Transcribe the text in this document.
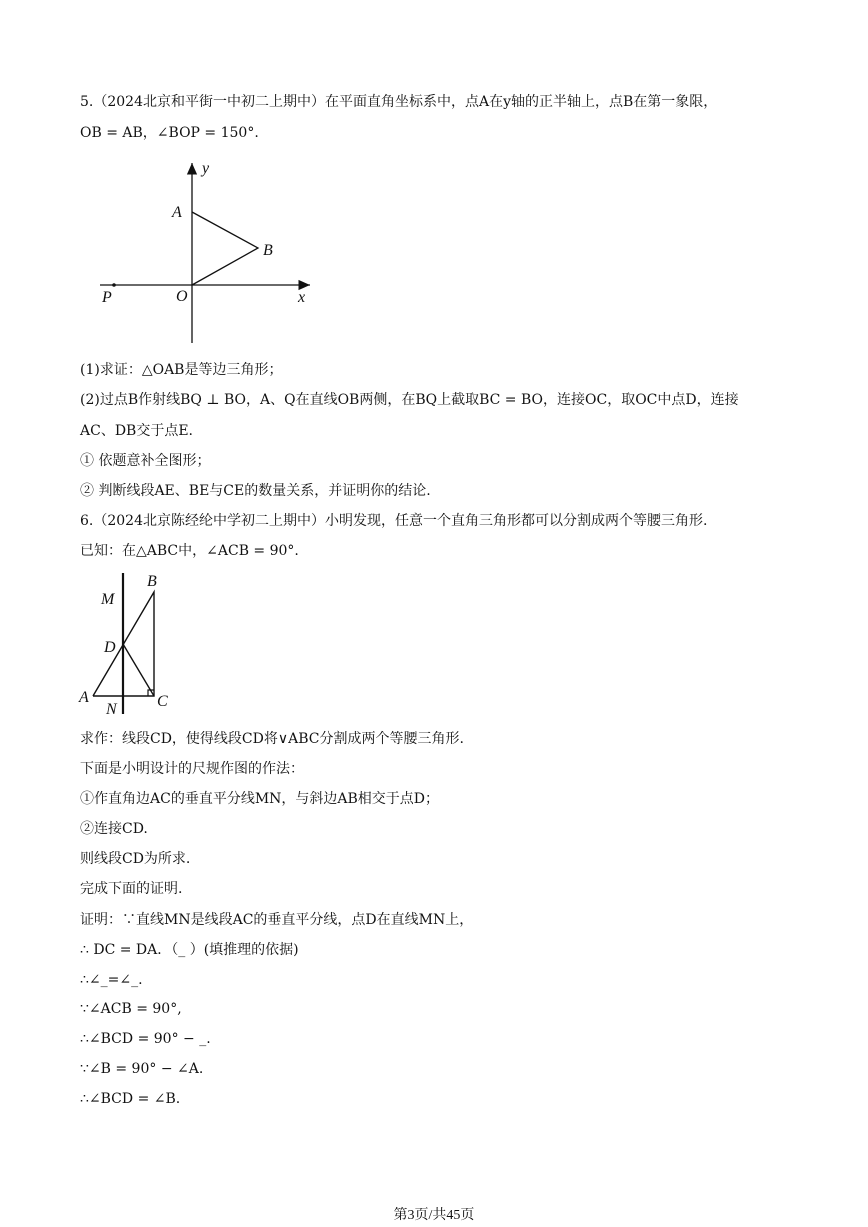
5.（2024北京和平街一中初二上期中）在平面直角坐标系中，点A在y轴的正半轴上，点B在第一象限，
OB = AB，∠BOP = 150°.
y
A
B
O
P	x
(1)求证：△OAB是等边三角形；
(2)过点B作射线BQ ⊥ BO，A、Q在直线OB两侧，在BQ上截取BC = BO，连接OC，取OC中点D，连接
AC、DB交于点E.
① 依题意补全图形；
② 判断线段AE、BE与CE的数量关系，并证明你的结论.
6.（2024北京陈经纶中学初二上期中）小明发现，任意一个直角三角形都可以分割成两个等腰三角形.
已知：在△ABC中，∠ACB = 90°.
B
M
D
A
N	C
求作：线段CD，使得线段CD将∨ABC分割成两个等腰三角形.
下面是小明设计的尺规作图的作法：
①作直角边AC的垂直平分线MN，与斜边AB相交于点D；
②连接CD.
则线段CD为所求.
完成下面的证明.
证明：∵直线MN是线段AC的垂直平分线，点D在直线MN上，
∴ DC = DA．（_ ）(填推理的依据)
∴∠_=∠_.
∵∠ACB = 90°,
∴∠BCD = 90° − _.
∵∠B = 90° − ∠A.
∴∠BCD = ∠B.
第3页/共45页
